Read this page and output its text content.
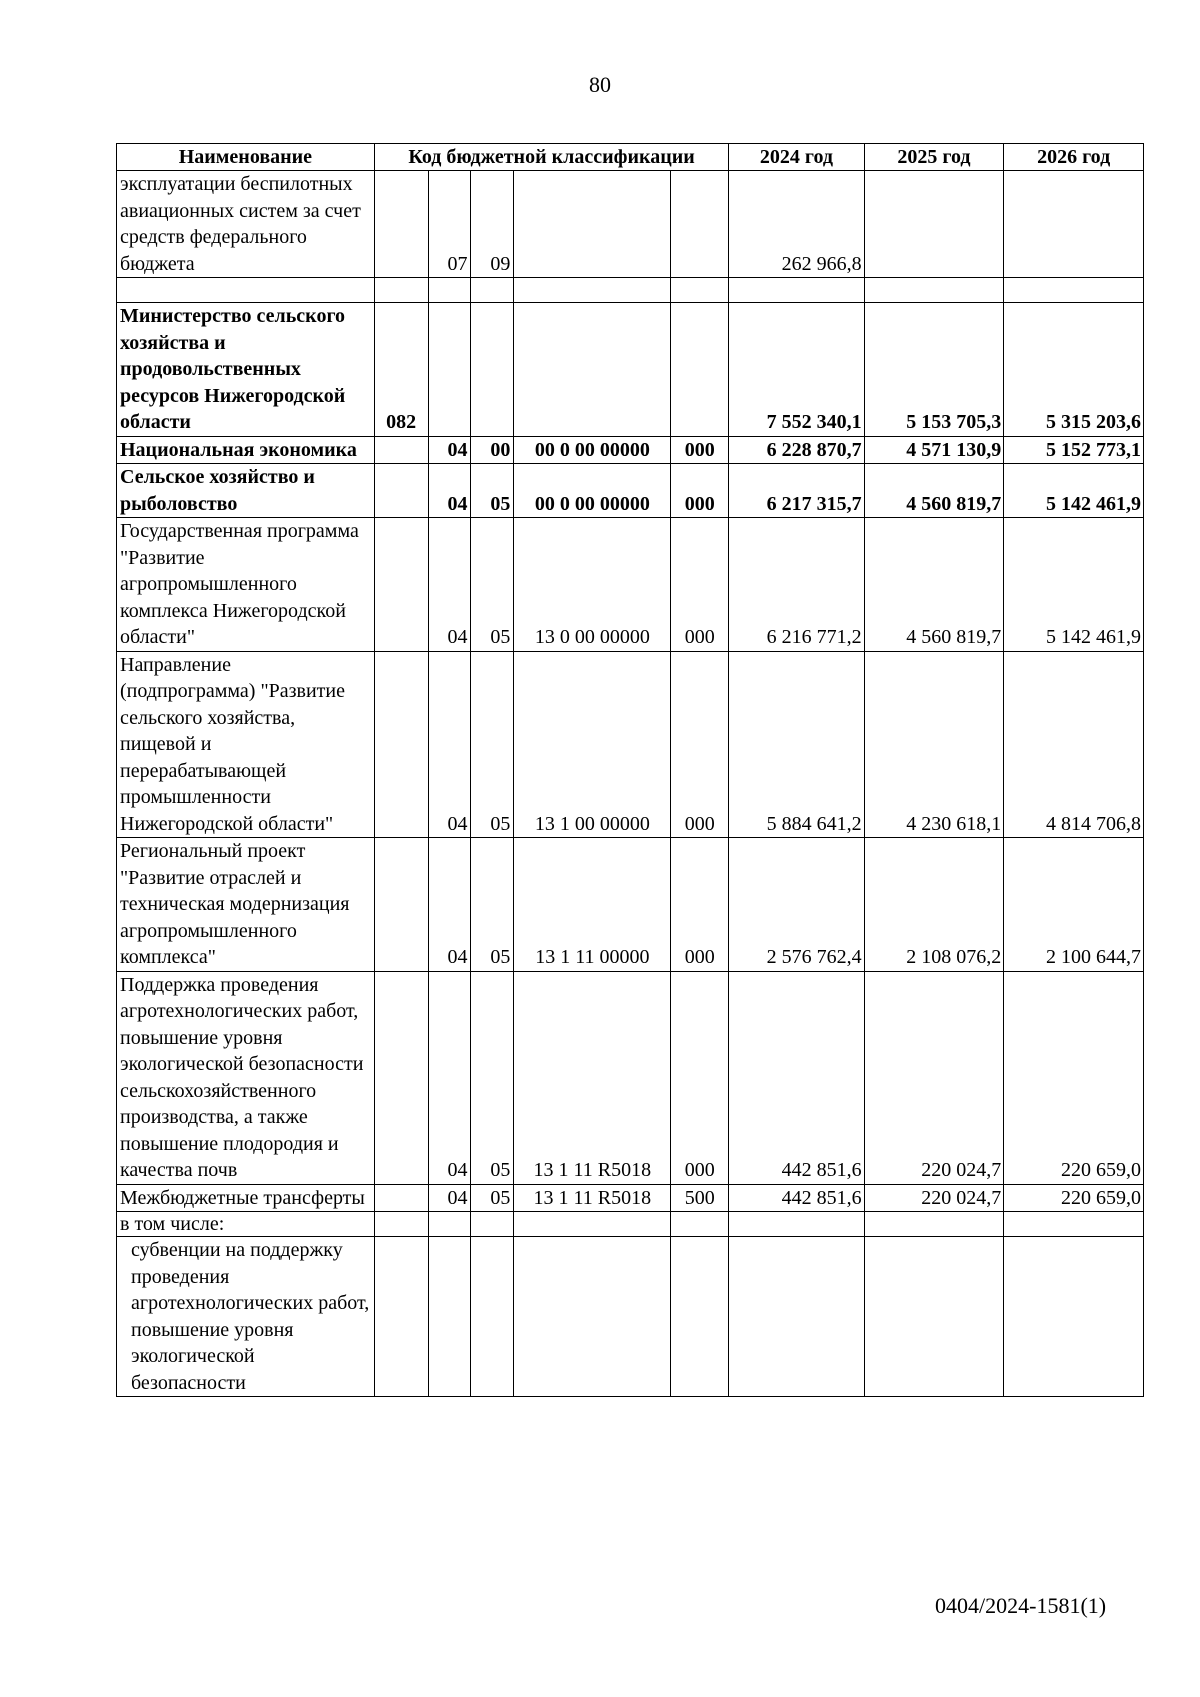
80
Наименование	Код бюджетной классификации					2024 год	2025 год	2026 год
эксплуатации беспилотных авиационных систем за счет средств федерального бюджета		07	09			262 966,8		

Министерство сельского хозяйства и продовольственных ресурсов Нижегородской области	082					7 552 340,1	5 153 705,3	5 315 203,6
Национальная экономика		04	00	00 0 00 00000	000	6 228 870,7	4 571 130,9	5 152 773,1
Сельское хозяйство и рыболовство		04	05	00 0 00 00000	000	6 217 315,7	4 560 819,7	5 142 461,9
Государственная программа "Развитие агропромышленного комплекса Нижегородской области"		04	05	13 0 00 00000	000	6 216 771,2	4 560 819,7	5 142 461,9
Направление (подпрограмма) "Развитие сельского хозяйства, пищевой и перерабатывающей промышленности Нижегородской области"		04	05	13 1 00 00000	000	5 884 641,2	4 230 618,1	4 814 706,8
Региональный проект "Развитие отраслей и техническая модернизация агропромышленного комплекса"		04	05	13 1 11 00000	000	2 576 762,4	2 108 076,2	2 100 644,7
Поддержка проведения агротехнологических работ, повышение уровня экологической безопасности сельскохозяйственного производства, а также повышение плодородия и качества почв		04	05	13 1 11 R5018	000	442 851,6	220 024,7	220 659,0
Межбюджетные трансферты		04	05	13 1 11 R5018	500	442 851,6	220 024,7	220 659,0
в том числе:								
субвенции на поддержку проведения агротехнологических работ, повышение уровня экологической безопасности								
0404/2024-1581(1)
